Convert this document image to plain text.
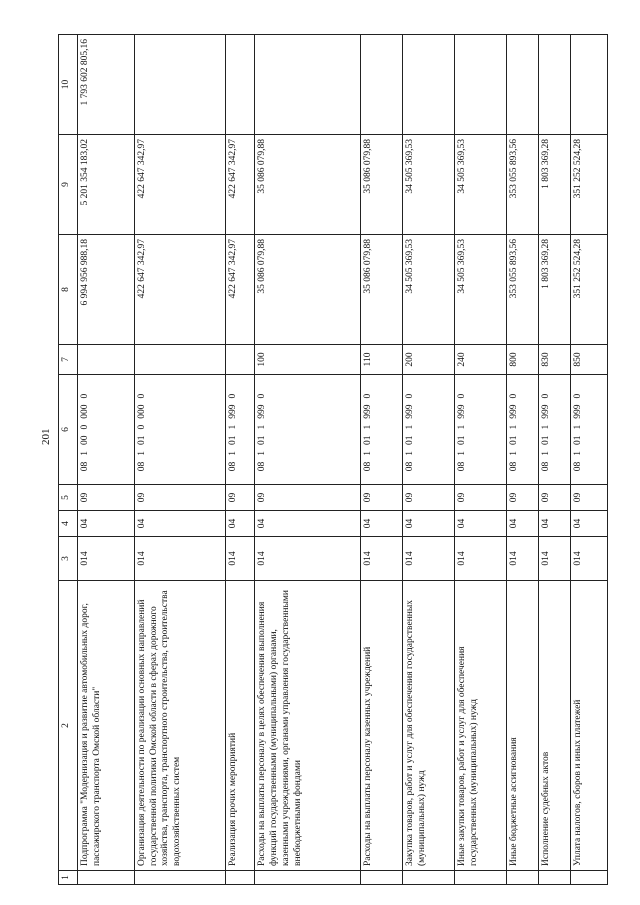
201
1	2	3	4	5	6	7	8	9	10
	Подпрограмма "Модернизация и развитие автомобильных дорог, пассажирского транспорта Омской области"	014	04	09	0810000000		6 994 956 988,18	5 201 354 183,02	1 793 602 805,16
	Организация деятельности по реализации основных направлений государственной политики Омской области в сферах дорожного хозяйства, транспорта, транспортного строительства, строительства водохозяйственных систем	014	04	09	0810100000		422 647 342,97	422 647 342,97	
	Реализация прочих мероприятий	014	04	09	0810119990		422 647 342,97	422 647 342,97	
	Расходы на выплаты персоналу в целях обеспечения выполнения функций государственными (муниципальными) органами, казенными учреждениями, органами управления государственными внебюджетными фондами	014	04	09	0810119990	100	35 086 079,88	35 086 079,88	
	Расходы на выплаты персоналу казенных учреждений	014	04	09	0810119990	110	35 086 079,88	35 086 079,88	
	Закупка товаров, работ и услуг для обеспечения государственных (муниципальных) нужд	014	04	09	0810119990	200	34 505 369,53	34 505 369,53	
	Иные закупки товаров, работ и услуг для обеспечения государственных (муниципальных) нужд	014	04	09	0810119990	240	34 505 369,53	34 505 369,53	
	Иные бюджетные ассигнования	014	04	09	0810119990	800	353 055 893,56	353 055 893,56	
	Исполнение судебных актов	014	04	09	0810119990	830	1 803 369,28	1 803 369,28	
	Уплата налогов, сборов и иных платежей	014	04	09	0810119990	850	351 252 524,28	351 252 524,28	
